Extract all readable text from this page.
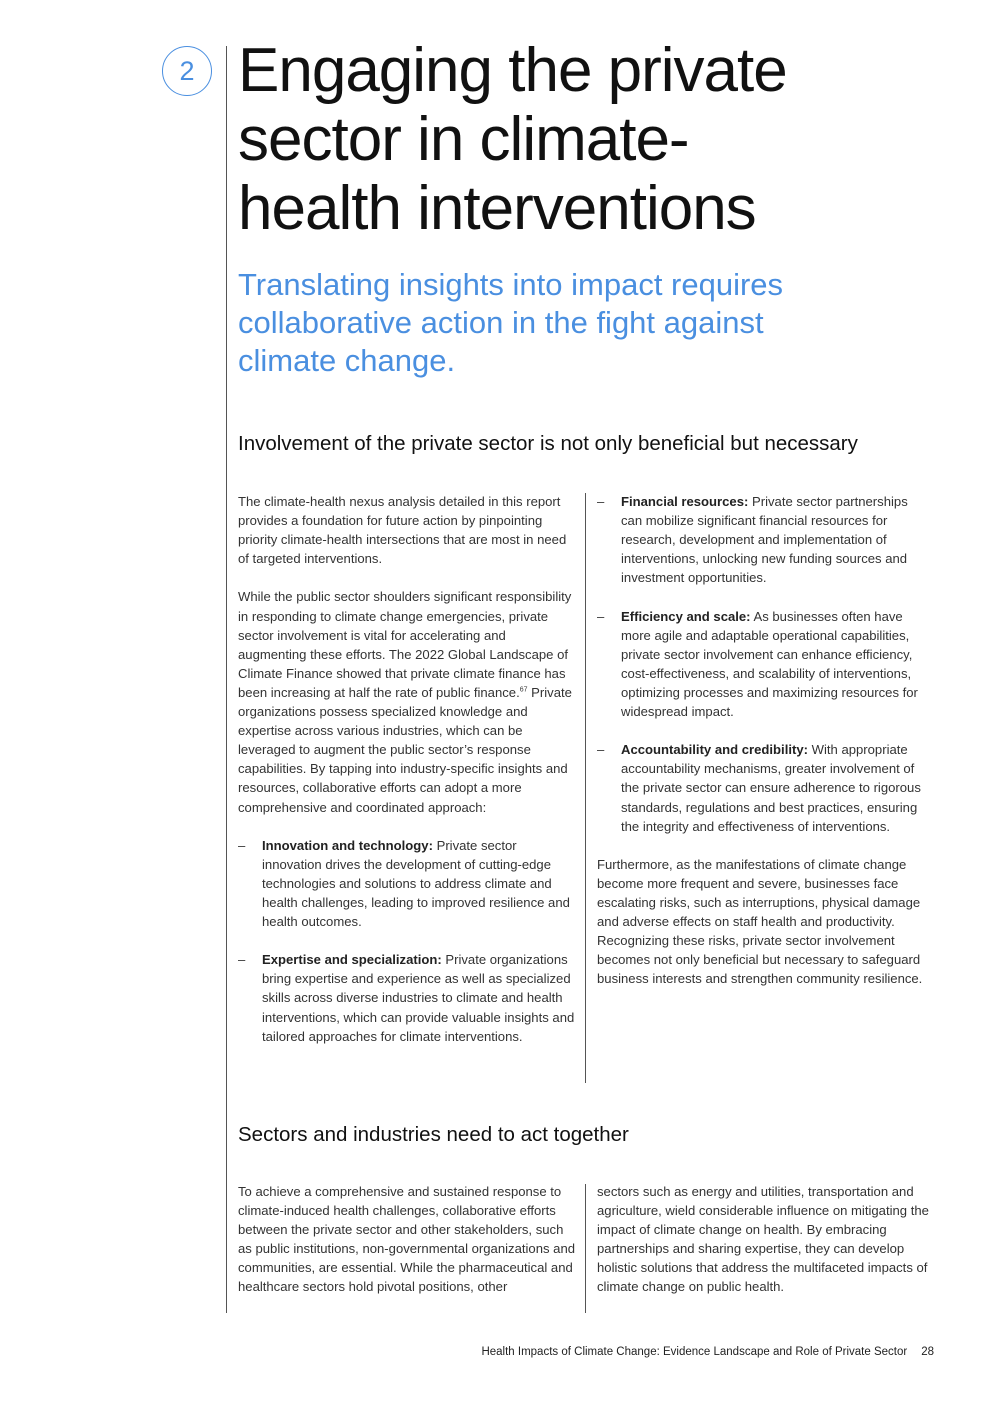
2 Engaging the private
sector in climate-
health interventions
Translating insights into impact requires
collaborative action in the fight against
climate change.
Involvement of the private sector is not only beneficial but necessary

The climate-health nexus analysis detailed in this report provides a foundation for future action by pinpointing priority climate-health intersections that are most in need of targeted interventions.

While the public sector shoulders significant responsibility in responding to climate change emergencies, private sector involvement is vital for accelerating and augmenting these efforts. The 2022 Global Landscape of Climate Finance showed that private climate finance has been increasing at half the rate of public finance.$^{67}$ Private organizations possess specialized knowledge and expertise across various industries, which can be leveraged to augment the public sector’s response capabilities. By tapping into industry-specific insights and resources, collaborative efforts can adopt a more comprehensive and coordinated approach:

– Innovation and technology: Private sector innovation drives the development of cutting-edge technologies and solutions to address climate and health challenges, leading to improved resilience and health outcomes.
– Expertise and specialization: Private organizations bring expertise and experience as well as specialized skills across diverse industries to climate and health interventions, which can provide valuable insights and tailored approaches for climate interventions.
– Financial resources: Private sector partnerships can mobilize significant financial resources for research, development and implementation of interventions, unlocking new funding sources and investment opportunities.
– Efficiency and scale: As businesses often have more agile and adaptable operational capabilities, private sector involvement can enhance efficiency, cost-effectiveness, and scalability of interventions, optimizing processes and maximizing resources for widespread impact.
– Accountability and credibility: With appropriate accountability mechanisms, greater involvement of the private sector can ensure adherence to rigorous standards, regulations and best practices, ensuring the integrity and effectiveness of interventions.

Furthermore, as the manifestations of climate change become more frequent and severe, businesses face escalating risks, such as interruptions, physical damage and adverse effects on staff health and productivity. Recognizing these risks, private sector involvement becomes not only beneficial but necessary to safeguard business interests and strengthen community resilience.

Sectors and industries need to act together

To achieve a comprehensive and sustained response to climate-induced health challenges, collaborative efforts between the private sector and other stakeholders, such as public institutions, non-governmental organizations and communities, are essential. While the pharmaceutical and healthcare sectors hold pivotal positions, other

sectors such as energy and utilities, transportation and agriculture, wield considerable influence on mitigating the impact of climate change on health. By embracing partnerships and sharing expertise, they can develop holistic solutions that address the multifaceted impacts of climate change on public health.

Health Impacts of Climate Change: Evidence Landscape and Role of Private Sector 28
